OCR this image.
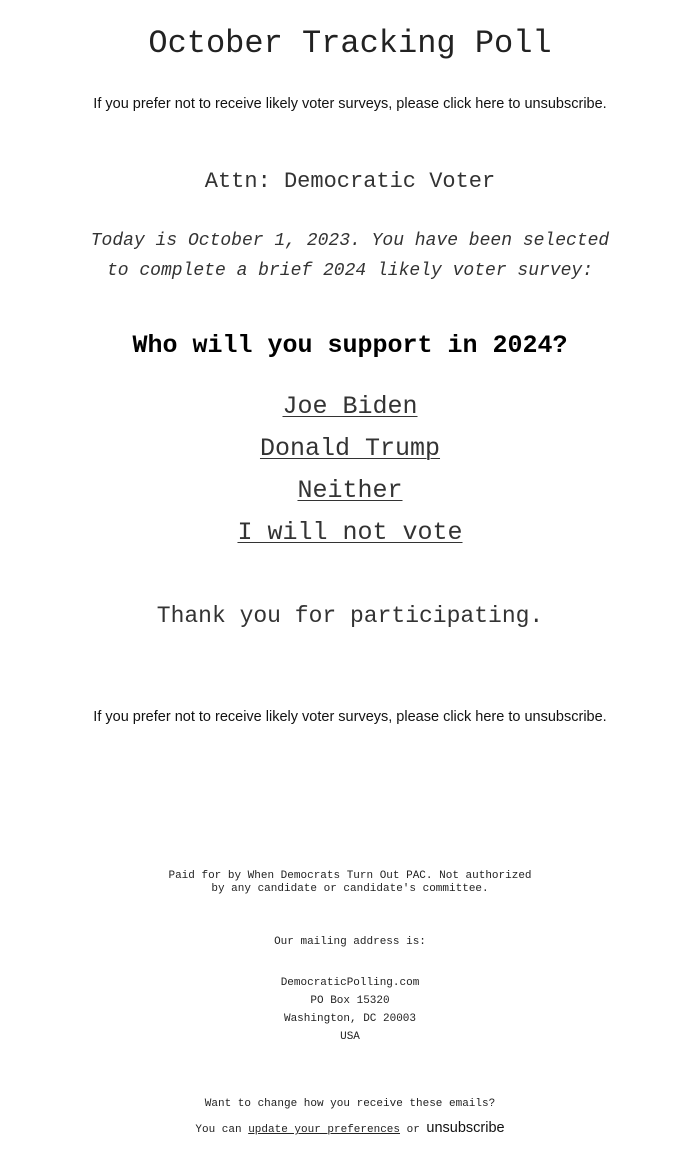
October Tracking Poll
If you prefer not to receive likely voter surveys, please click here to unsubscribe.
Attn: Democratic Voter
Today is October 1, 2023. You have been selected
to complete a brief 2024 likely voter survey:
Who will you support in 2024?
Joe Biden
Donald Trump
Neither
I will not vote
Thank you for participating.
If you prefer not to receive likely voter surveys, please click here to unsubscribe.
Paid for by When Democrats Turn Out PAC. Not authorized
by any candidate or candidate's committee.
Our mailing address is:
DemocraticPolling.com
PO Box 15320
Washington, DC 20003
USA
Want to change how you receive these emails?
You can update your preferences or unsubscribe
